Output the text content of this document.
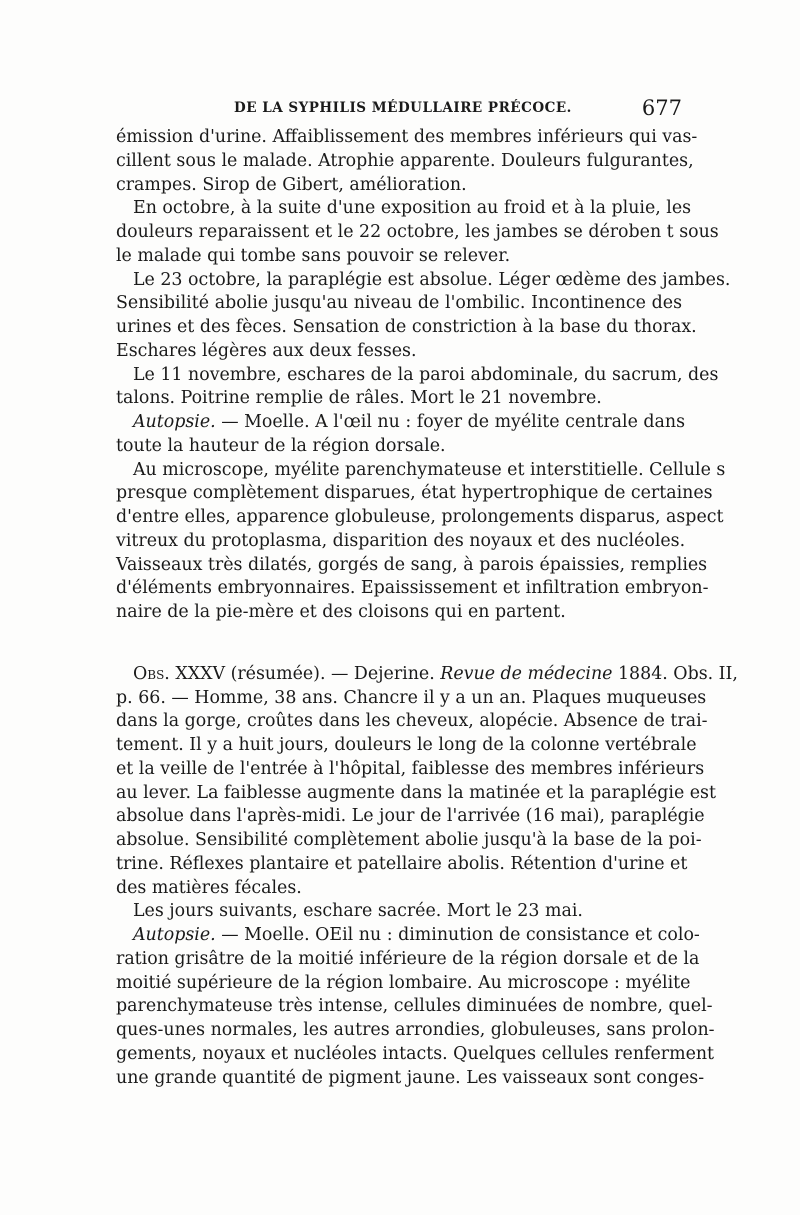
DE LA SYPHILIS MÉDULLAIRE PRÉCOCE.	677
émission d'urine. Affaiblissement des membres inférieurs qui vas-
cillent sous le malade. Atrophie apparente. Douleurs fulgurantes,
crampes. Sirop de Gibert, amélioration.
En octobre, à la suite d'une exposition au froid et à la pluie, les
douleurs reparaissent et le 22 octobre, les jambes se déroben t sous
le malade qui tombe sans pouvoir se relever.
Le 23 octobre, la paraplégie est absolue. Léger œdème des jambes.
Sensibilité abolie jusqu'au niveau de l'ombilic. Incontinence des
urines et des fèces. Sensation de constriction à la base du thorax.
Eschares légères aux deux fesses.
Le 11 novembre, eschares de la paroi abdominale, du sacrum, des
talons. Poitrine remplie de râles. Mort le 21 novembre.
Autopsie. — Moelle. A l'œil nu : foyer de myélite centrale dans
toute la hauteur de la région dorsale.
Au microscope, myélite parenchymateuse et interstitielle. Cellule s
presque complètement disparues, état hypertrophique de certaines
d'entre elles, apparence globuleuse, prolongements disparus, aspect
vitreux du protoplasma, disparition des noyaux et des nucléoles.
Vaisseaux très dilatés, gorgés de sang, à parois épaissies, remplies
d'éléments embryonnaires. Epaississement et infiltration embryon-
naire de la pie-mère et des cloisons qui en partent.
Obs. XXXV (résumée). — Dejerine. Revue de médecine 1884. Obs. II,
p. 66. — Homme, 38 ans. Chancre il y a un an. Plaques muqueuses
dans la gorge, croûtes dans les cheveux, alopécie. Absence de trai-
tement. Il y a huit jours, douleurs le long de la colonne vertébrale
et la veille de l'entrée à l'hôpital, faiblesse des membres inférieurs
au lever. La faiblesse augmente dans la matinée et la paraplégie est
absolue dans l'après-midi. Le jour de l'arrivée (16 mai), paraplégie
absolue. Sensibilité complètement abolie jusqu'à la base de la poi-
trine. Réflexes plantaire et patellaire abolis. Rétention d'urine et
des matières fécales.
Les jours suivants, eschare sacrée. Mort le 23 mai.
Autopsie. — Moelle. OEil nu : diminution de consistance et colo-
ration grisâtre de la moitié inférieure de la région dorsale et de la
moitié supérieure de la région lombaire. Au microscope : myélite
parenchymateuse très intense, cellules diminuées de nombre, quel-
ques-unes normales, les autres arrondies, globuleuses, sans prolon-
gements, noyaux et nucléoles intacts. Quelques cellules renferment
une grande quantité de pigment jaune. Les vaisseaux sont conges-
